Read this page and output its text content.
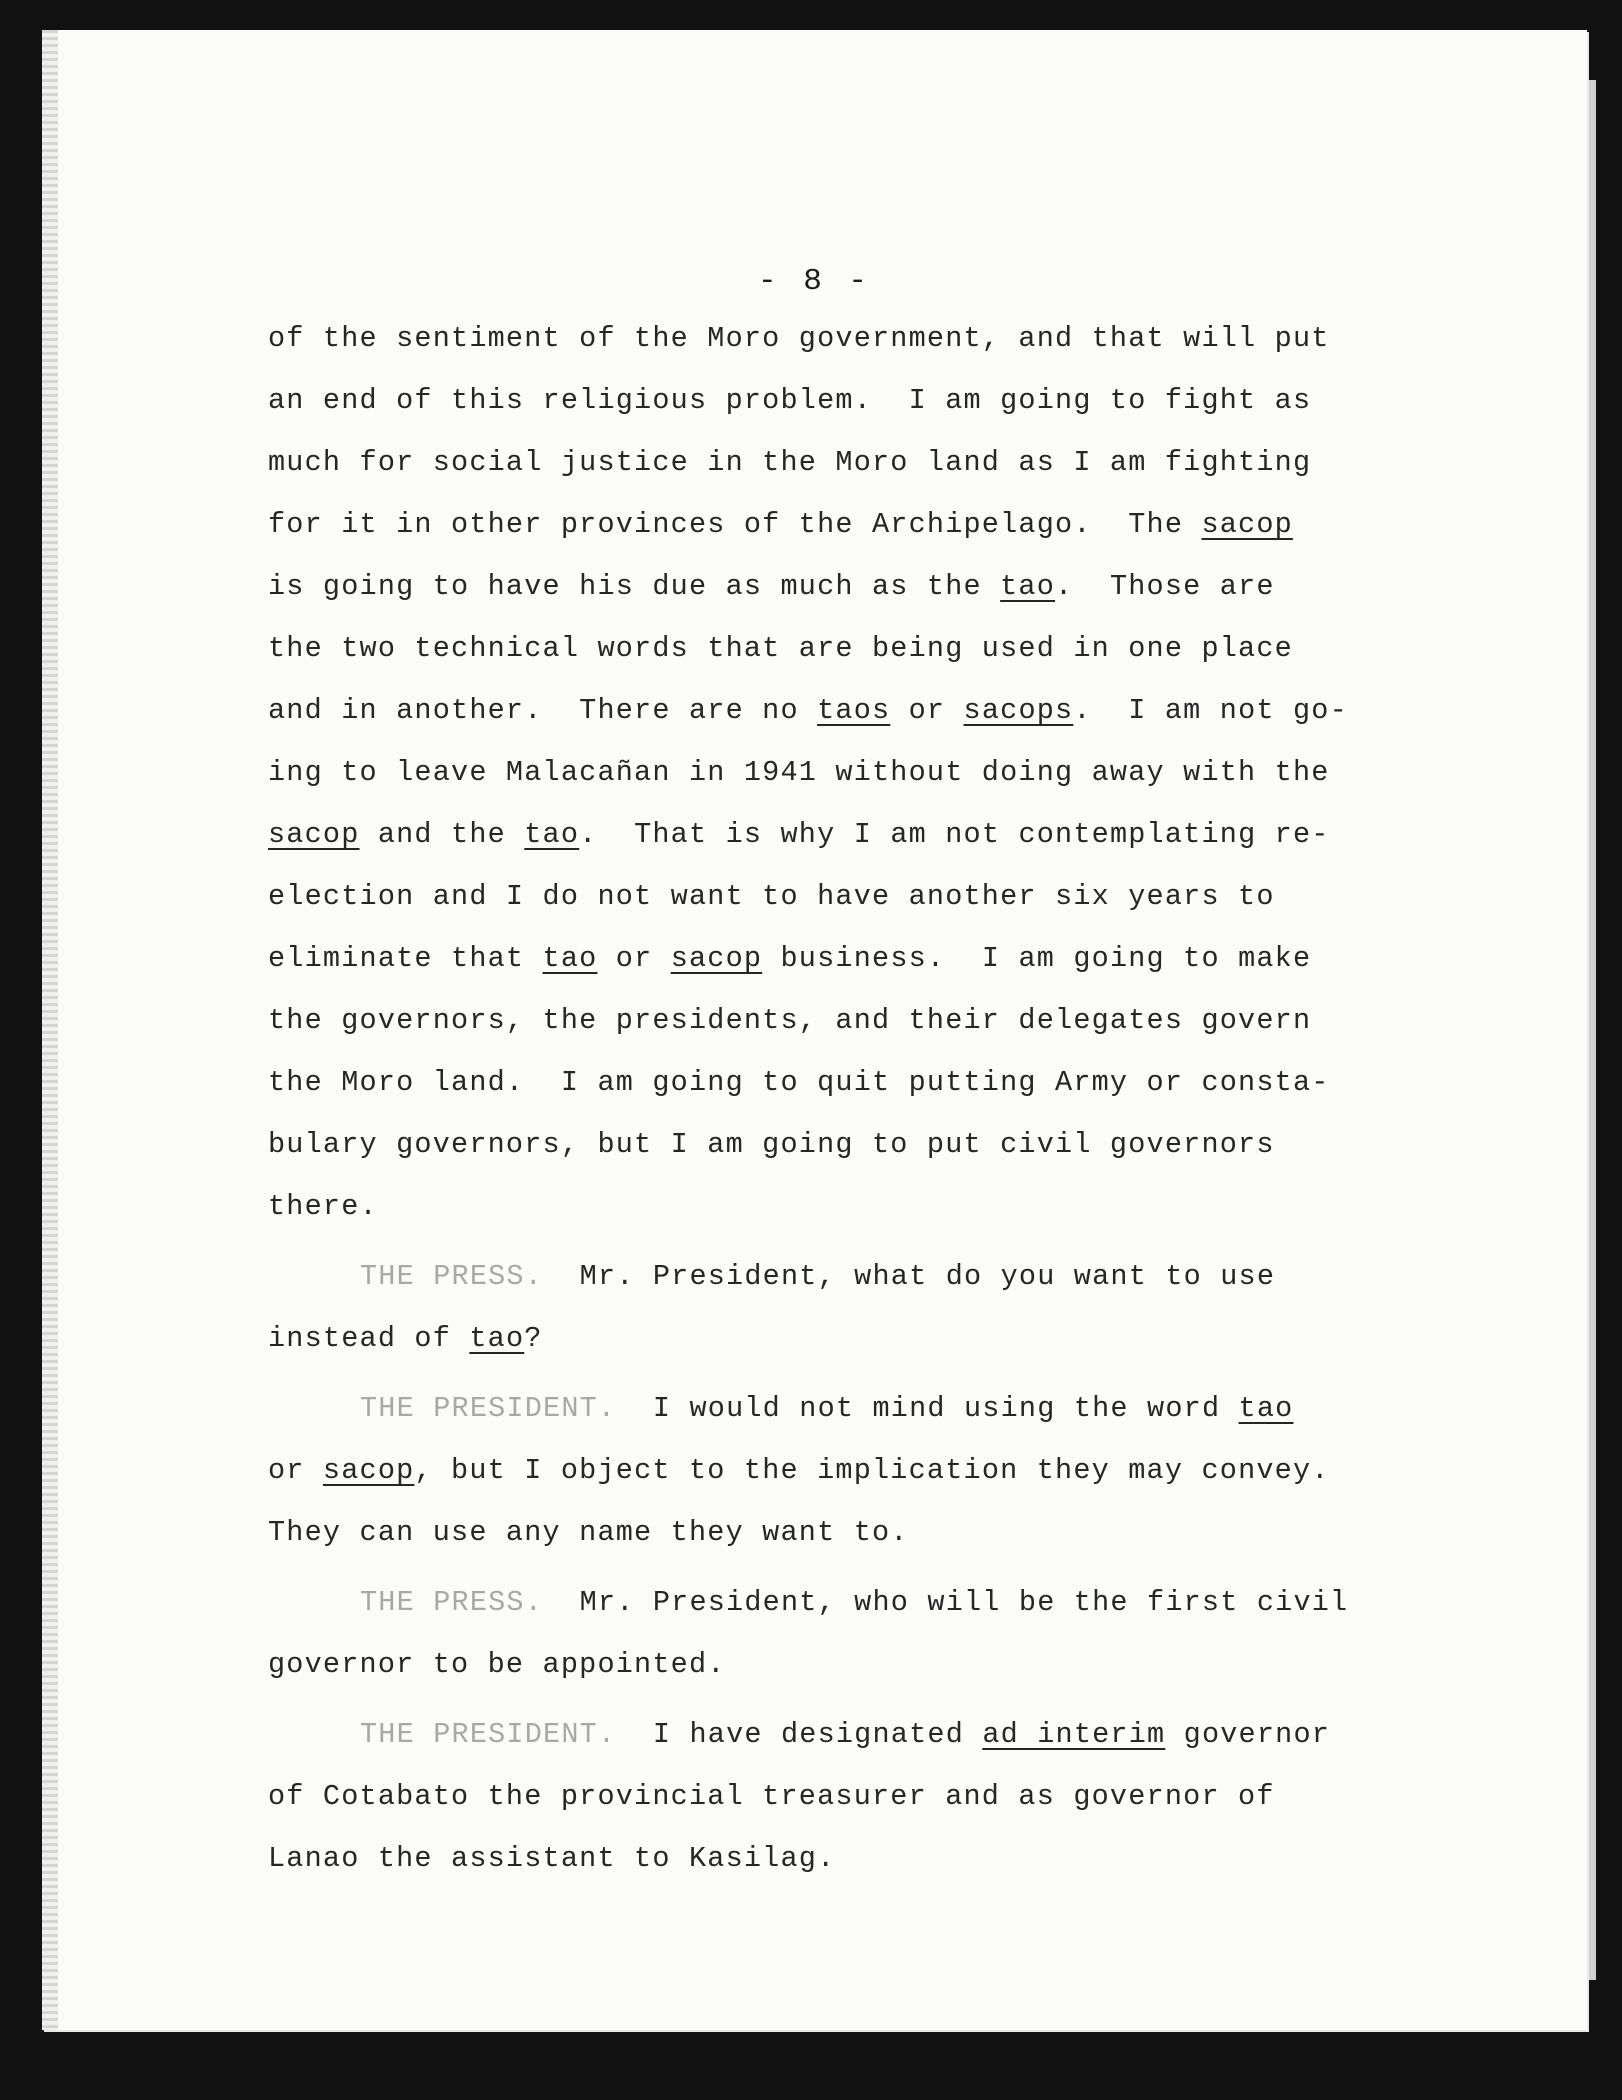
- 8 -
of the sentiment of the Moro government, and that will put
an end of this religious problem.  I am going to fight as
much for social justice in the Moro land as I am fighting
for it in other provinces of the Archipelago.  The sacop
is going to have his due as much as the tao.  Those are
the two technical words that are being used in one place
and in another.  There are no taos or sacops.  I am not go-
ing to leave Malacañan in 1941 without doing away with the
sacop and the tao.  That is why I am not contemplating re-
election and I do not want to have another six years to
eliminate that tao or sacop business.  I am going to make
the governors, the presidents, and their delegates govern
the Moro land.  I am going to quit putting Army or consta-
bulary governors, but I am going to put civil governors
there.
THE PRESS.  Mr. President, what do you want to use
instead of tao?
THE PRESIDENT.  I would not mind using the word tao
or sacop, but I object to the implication they may convey.
They can use any name they want to.
THE PRESS.  Mr. President, who will be the first civil
governor to be appointed.
THE PRESIDENT.  I have designated ad interim governor
of Cotabato the provincial treasurer and as governor of
Lanao the assistant to Kasilag.
